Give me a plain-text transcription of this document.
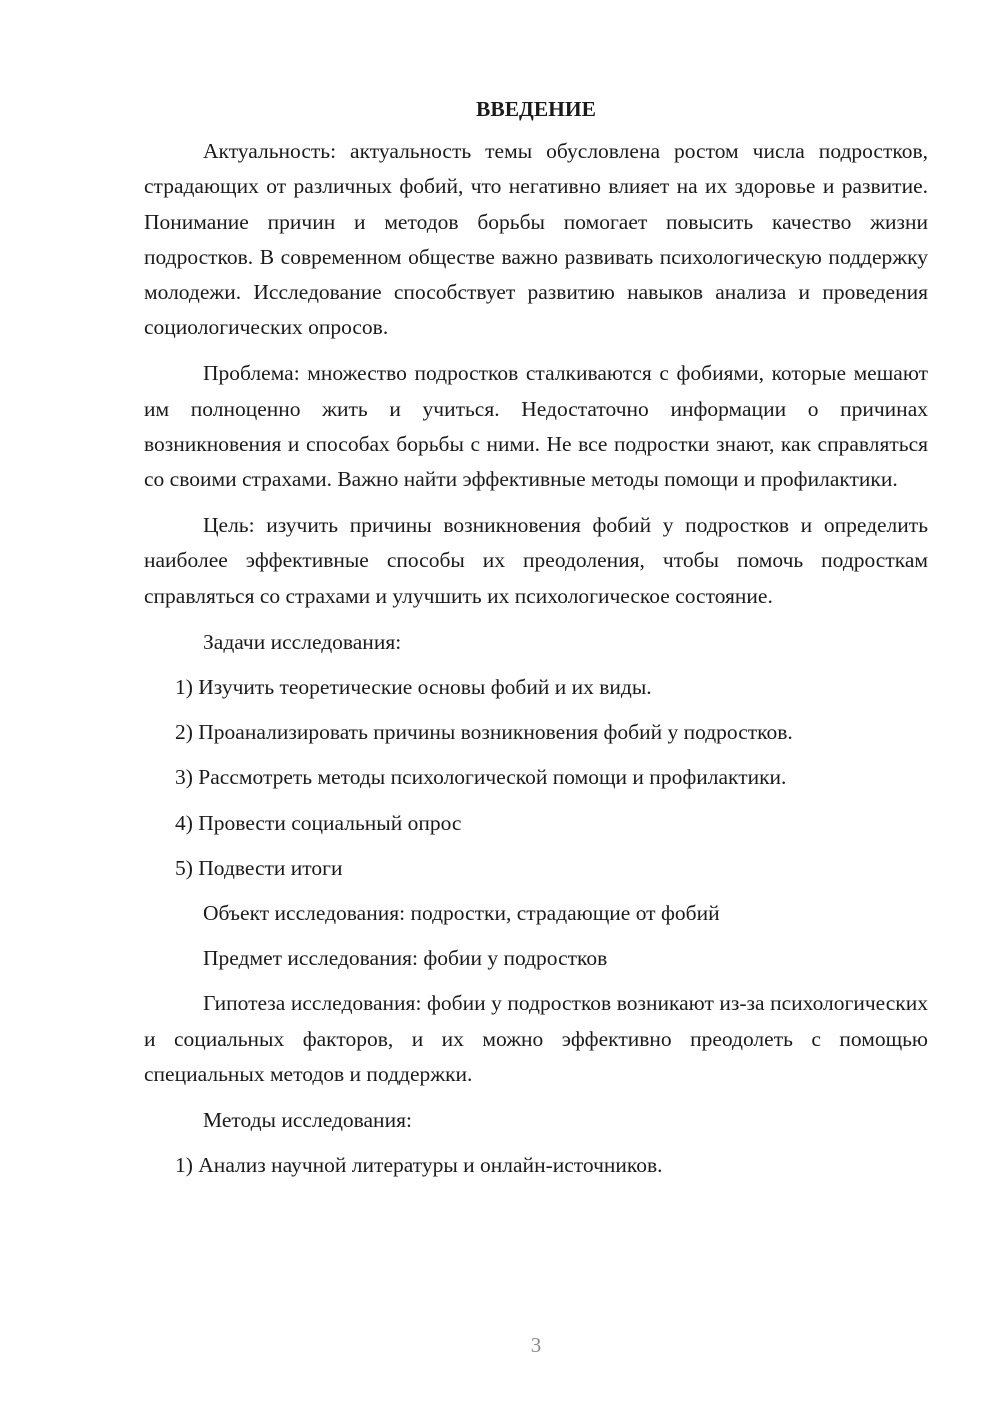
ВВЕДЕНИЕ

Актуальность: актуальность темы обусловлена ростом числа подростков, страдающих от различных фобий, что негативно влияет на их здоровье и развитие. Понимание причин и методов борьбы помогает повысить качество жизни подростков. В современном обществе важно развивать психологическую поддержку молодежи. Исследование способствует развитию навыков анализа и проведения социологических опросов.

Проблема: множество подростков сталкиваются с фобиями, которые мешают им полноценно жить и учиться. Недостаточно информации о причинах возникновения и способах борьбы с ними. Не все подростки знают, как справляться со своими страхами. Важно найти эффективные методы помощи и профилактики.

Цель: изучить причины возникновения фобий у подростков и определить наиболее эффективные способы их преодоления, чтобы помочь подросткам справляться со страхами и улучшить их психологическое состояние.

Задачи исследования:
1) Изучить теоретические основы фобий и их виды.
2) Проанализировать причины возникновения фобий у подростков.
3) Рассмотреть методы психологической помощи и профилактики.
4) Провести социальный опрос
5) Подвести итоги
Объект исследования: подростки, страдающие от фобий
Предмет исследования: фобии у подростков

Гипотеза исследования: фобии у подростков возникают из-за психологических и социальных факторов, и их можно эффективно преодолеть с помощью специальных методов и поддержки.

Методы исследования:
1) Анализ научной литературы и онлайн-источников.
3
